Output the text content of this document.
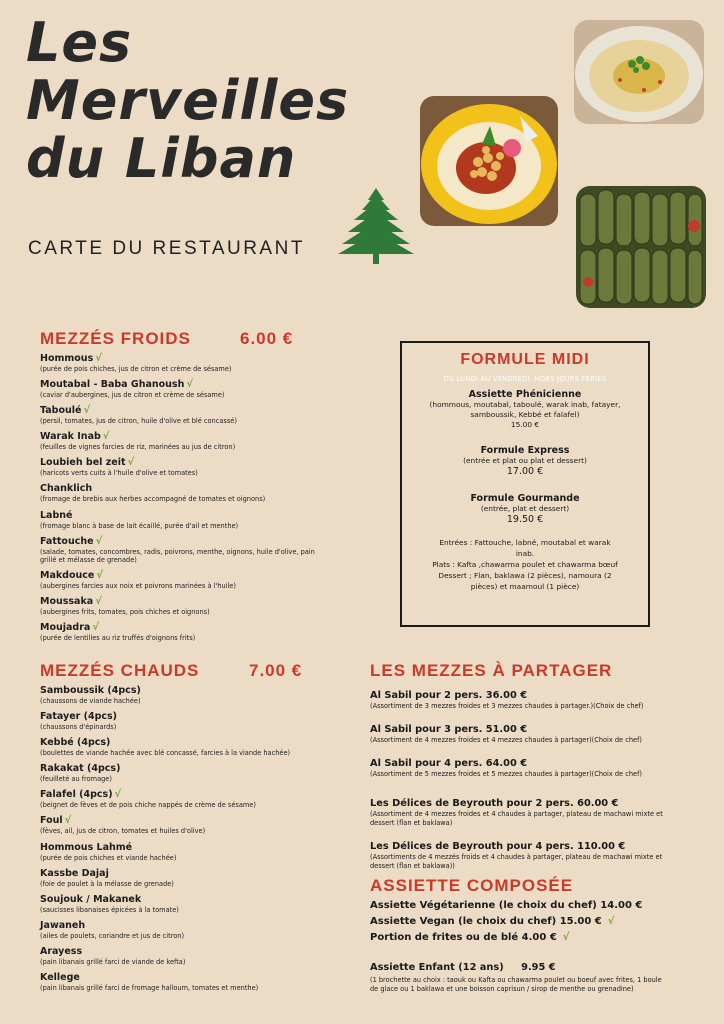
Les
Merveilles
du Liban
CARTE DU RESTAURANT
MEZZÉS FROIDS	6.00 €
Hommous √
(purée de pois chiches, jus de citron et crème de sésame)
Moutabal - Baba Ghanoush √
(caviar d'aubergines, jus de citron et crème de sésame)
Taboulé √
(persil, tomates, jus de citron, huile d'olive et blé concassé)
Warak Inab √
(feuilles de vignes farcies de riz, marinées au jus de citron)
Loubieh bel zeit √
(haricots verts cuits à l'huile d'olive et tomates)
Chanklich
(fromage de brebis aux herbes accompagné de tomates et oignons)
Labné
(fromage blanc à base de lait écaillé, purée d'ail et menthe)
Fattouche √
(salade, tomates, concombres, radis, poivrons, menthe, oignons, huile d'olive, pain grillé et mélasse de grenade)
Makdouce √
(aubergines farcies aux noix et poivrons marinées à l'huile)
Moussaka √
(aubergines frits, tomates, pois chiches et oignons)
Moujadra √
(purée de lentilles au riz truffés d'oignons frits)
MEZZÉS CHAUDS	7.00 €
Samboussik (4pcs)
(chaussons de viande hachée)
Fatayer (4pcs)
(chaussons d'épinards)
Kebbé (4pcs)
(boulettes de viande hachée avec blé concassé, farcies à la viande hachée)
Rakakat (4pcs)
(feuilleté au fromage)
Falafel (4pcs) √
(beignet de fèves et de pois chiche nappés de crème de sésame)
Foul √
(fèves, ail, jus de citron, tomates et huiles d'olive)
Hommous Lahmé
(purée de pois chiches et viande hachée)
Kassbe Dajaj
(foie de poulet à la mélasse de grenade)
Soujouk / Makanek
(saucisses libanaises épicées à la tomate)
Jawaneh
(ailes de poulets, coriandre et jus de citron)
Arayess
(pain libanais grillé farci de viande de kefta)
Kellege
(pain libanais grillé farci de fromage halloum, tomates et menthe)
FORMULE MIDI
DU LUNDI AU VENDREDI, HORS JOURS FÉRIÉS
Assiette Phénicienne
(hommous, moutabal, taboulé, warak inab, fatayer, samboussik, Kebbé et falafel)
15.00 €
Formule Express
(entrée et plat ou plat et dessert)
17.00 €
Formule Gourmande
(entrée, plat et dessert)
19.50 €
Entrées : Fattouche, labné, moutabal et warak inab.
Plats : Kafta ,chawarma poulet et chawarma bœuf
Dessert ; Flan, baklawa (2 pièces), namoura (2 pièces) et maamoul (1 pièce)
LES MEZZES À PARTAGER
Al Sabil pour 2 pers. 36.00 €
(Assortiment de 3 mezzes froides et 3 mezzes chaudes à partager.)(Choix de chef)
Al Sabil pour 3 pers. 51.00 €
(Assortiment de 4 mezzes froides et 4 mezzes chaudes à partager)(Choix de chef)
Al Sabil pour 4 pers. 64.00 €
(Assortiment de 5 mezzes froides et 5 mezzes chaudes à partager)(Choix de chef)
Les Délices de Beyrouth pour 2 pers. 60.00 €
(Assortiment de 4 mezzes froides et 4 chaudes à partager, plateau de machawi mixte et dessert (flan et baklawa)
Les Délices de Beyrouth pour 4 pers. 110.00 €
(Assortiments de 4 mezzés froids et 4 chaudes à partager, plateau de machawi mixte et dessert (flan et baklawa))
ASSIETTE COMPOSÉE
Assiette Végétarienne (le choix du chef) 14.00 €
Assiette Vegan (le choix du chef) 15.00 € √
Portion de frites ou de blé 4.00 € √
Assiette Enfant (12 ans) 9.95 €
(1 brochette au choix : taouk ou Kafta ou chawarma poulet ou boeuf avec frites, 1 boule de glace ou 1 baklawa et une boisson caprisun / sirop de menthe ou grenadine)
